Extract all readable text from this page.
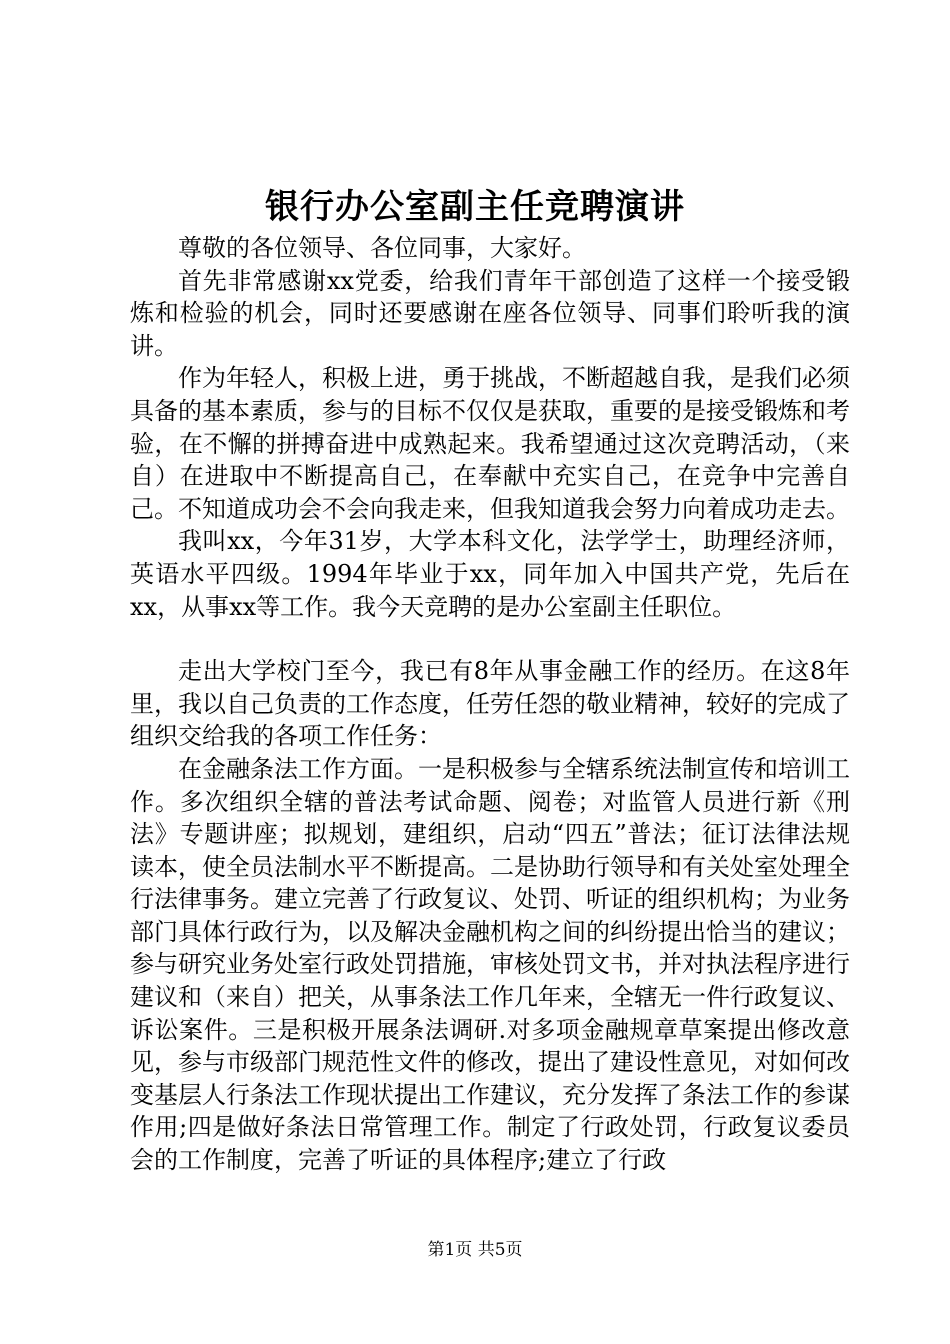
银行办公室副主任竞聘演讲

尊敬的各位领导、各位同事，大家好。

首先非常感谢xx党委，给我们青年干部创造了这样一个接受锻炼和检验的机会，同时还要感谢在座各位领导、同事们聆听我的演讲。

作为年轻人，积极上进，勇于挑战，不断超越自我，是我们必须具备的基本素质，参与的目标不仅仅是获取，重要的是接受锻炼和考验，在不懈的拼搏奋进中成熟起来。我希望通过这次竞聘活动，（来自）在进取中不断提高自己，在奉献中充实自己，在竞争中完善自己。不知道成功会不会向我走来，但我知道我会努力向着成功走去。

我叫xx，今年31岁，大学本科文化，法学学士，助理经济师，英语水平四级。1994年毕业于xx，同年加入中国共产党，先后在xx，从事xx等工作。我今天竞聘的是办公室副主任职位。

走出大学校门至今，我已有8年从事金融工作的经历。在这8年里，我以自己负责的工作态度，任劳任怨的敬业精神，较好的完成了组织交给我的各项工作任务：

在金融条法工作方面。一是积极参与全辖系统法制宣传和培训工作。多次组织全辖的普法考试命题、阅卷；对监管人员进行新《刑法》专题讲座；拟规划，建组织，启动“四五”普法；征订法律法规读本，使全员法制水平不断提高。二是协助行领导和有关处室处理全行法律事务。建立完善了行政复议、处罚、听证的组织机构；为业务部门具体行政行为，以及解决金融机构之间的纠纷提出恰当的建议；参与研究业务处室行政处罚措施，审核处罚文书，并对执法程序进行建议和（来自）把关，从事条法工作几年来，全辖无一件行政复议、诉讼案件。三是积极开展条法调研.对多项金融规章草案提出修改意见，参与市级部门规范性文件的修改，提出了建设性意见，对如何改变基层人行条法工作现状提出工作建议，充分发挥了条法工作的参谋作用;四是做好条法日常管理工作。制定了行政处罚，行政复议委员会的工作制度，完善了听证的具体程序;建立了行政

第1页 共5页
